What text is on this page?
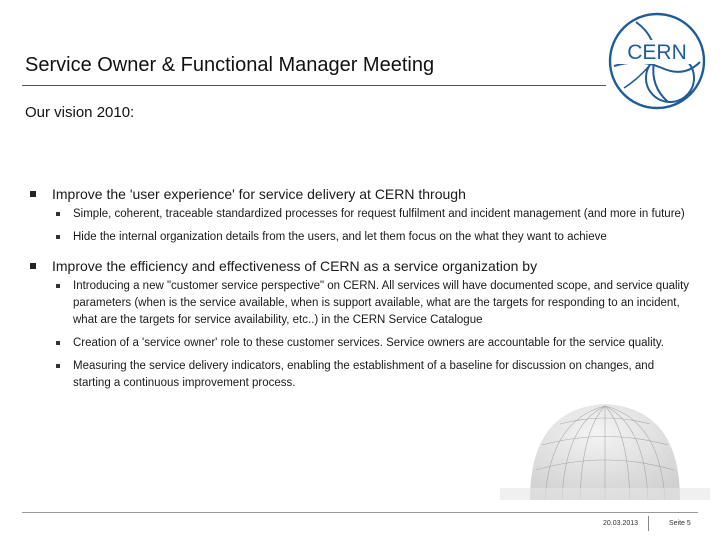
Service Owner & Functional Manager Meeting
CERN
Our vision 2010:
Improve the 'user experience' for service delivery at CERN through
Simple, coherent, traceable standardized processes for request fulfilment and incident management (and more in future)
Hide the internal organization details from the users, and let them focus on the what they want to achieve
Improve the efficiency and effectiveness of CERN as a service organization by
Introducing a new "customer service perspective" on CERN. All services will have documented scope, and service quality parameters (when is the service available, when is support available, what are the targets for responding to an incident, what are the targets for service availability, etc..) in the CERN Service Catalogue
Creation of a 'service owner' role to these customer services. Service owners are accountable for the service quality.
Measuring the service delivery indicators, enabling the establishment of a baseline for discussion on changes, and starting a continuous improvement process.
20.03.2013	Seite 5
